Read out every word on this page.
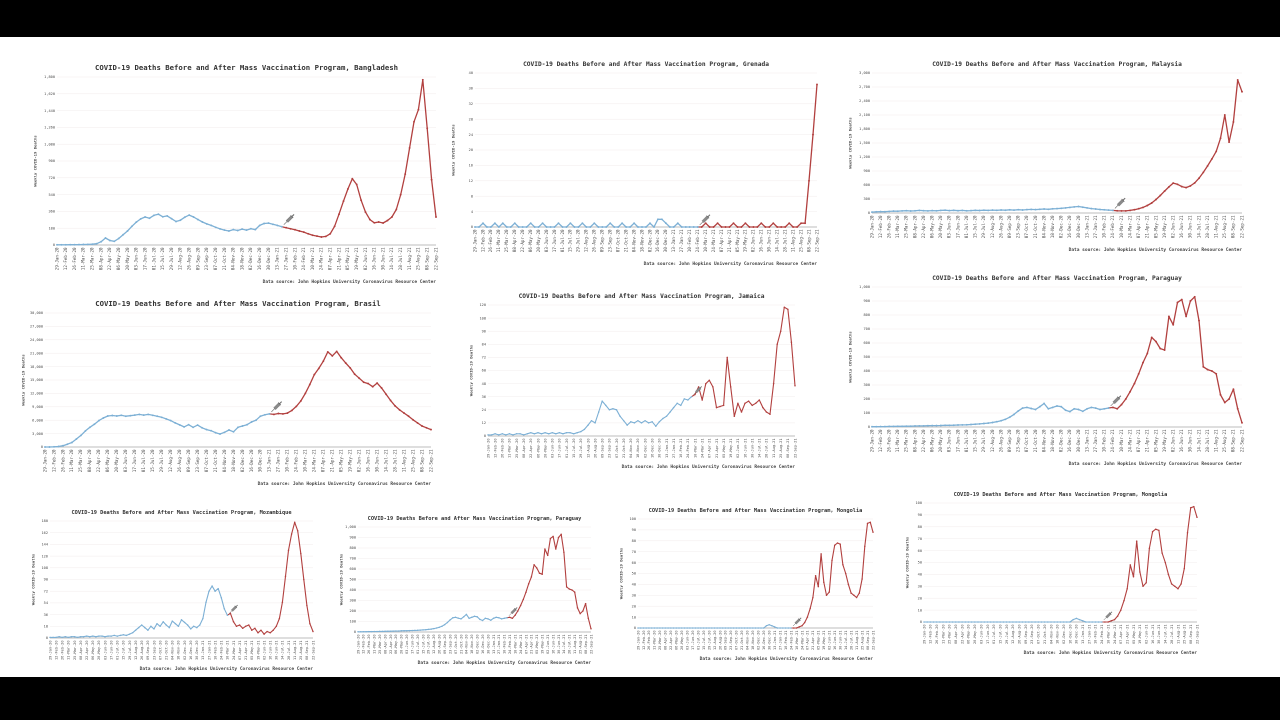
0
180
360
540
720
900
1,080
1,260
1,440
1,620
1,800
29-Jan-20 12-Feb-20 26-Feb-20 11-Mar-20 25-Mar-20 08-Apr-20 22-Apr-20 06-May-20 20-May-20 03-Jun-20 17-Jun-20 01-Jul-20 15-Jul-20 29-Jul-20 12-Aug-20 26-Aug-20 09-Sep-20 23-Sep-20 07-Oct-20 21-Oct-20 04-Nov-20 18-Nov-20 02-Dec-20 16-Dec-20 30-Dec-20 13-Jan-21 27-Jan-21 10-Feb-21 24-Feb-21 10-Mar-21 24-Mar-21 07-Apr-21 21-Apr-21 05-May-21 19-May-21 02-Jun-21 16-Jun-21 30-Jun-21 14-Jul-21 28-Jul-21 11-Aug-21 25-Aug-21 08-Sep-21 22-Sep-21
COVID-19 Deaths Before and After Mass Vaccination Program, Bangladesh
Weekly COVID-19 Deaths
Data source: John Hopkins University Coronavirus Resource Center
0
4
8
12
16
20
24
28
32
36
40
29-Jan-20 12-Feb-20 26-Feb-20 11-Mar-20 25-Mar-20 08-Apr-20 22-Apr-20 06-May-20 20-May-20 03-Jun-20 17-Jun-20 01-Jul-20 15-Jul-20 29-Jul-20 12-Aug-20 26-Aug-20 09-Sep-20 23-Sep-20 07-Oct-20 21-Oct-20 04-Nov-20 18-Nov-20 02-Dec-20 16-Dec-20 30-Dec-20 13-Jan-21 27-Jan-21 10-Feb-21 24-Feb-21 10-Mar-21 24-Mar-21 07-Apr-21 21-Apr-21 05-May-21 19-May-21 02-Jun-21 16-Jun-21 30-Jun-21 14-Jul-21 28-Jul-21 11-Aug-21 25-Aug-21 08-Sep-21 22-Sep-21
COVID-19 Deaths Before and After Mass Vaccination Program, Grenada
Weekly COVID-19 Deaths
Data source: John Hopkins University Coronavirus Resource Center
0
300
600
900
1,200
1,500
1,800
2,100
2,400
2,700
3,000
29-Jan-20 12-Feb-20 26-Feb-20 11-Mar-20 25-Mar-20 08-Apr-20 22-Apr-20 06-May-20 20-May-20 03-Jun-20 17-Jun-20 01-Jul-20 15-Jul-20 29-Jul-20 12-Aug-20 26-Aug-20 09-Sep-20 23-Sep-20 07-Oct-20 21-Oct-20 04-Nov-20 18-Nov-20 02-Dec-20 16-Dec-20 30-Dec-20 13-Jan-21 27-Jan-21 10-Feb-21 24-Feb-21 10-Mar-21 24-Mar-21 07-Apr-21 21-Apr-21 05-May-21 19-May-21 02-Jun-21 16-Jun-21 30-Jun-21 14-Jul-21 28-Jul-21 11-Aug-21 25-Aug-21 08-Sep-21 22-Sep-21
COVID-19 Deaths Before and After Mass Vaccination Program, Malaysia
Weekly COVID-19 Deaths
Data source: John Hopkins University Coronavirus Resource Center
0
3,000
6,000
9,000
12,000
15,000
18,000
21,000
24,000
27,000
30,000
29-Jan-20 12-Feb-20 26-Feb-20 11-Mar-20 25-Mar-20 08-Apr-20 22-Apr-20 06-May-20 20-May-20 03-Jun-20 17-Jun-20 01-Jul-20 15-Jul-20 29-Jul-20 12-Aug-20 26-Aug-20 09-Sep-20 23-Sep-20 07-Oct-20 21-Oct-20 04-Nov-20 18-Nov-20 02-Dec-20 16-Dec-20 30-Dec-20 13-Jan-21 27-Jan-21 10-Feb-21 24-Feb-21 10-Mar-21 24-Mar-21 07-Apr-21 21-Apr-21 05-May-21 19-May-21 02-Jun-21 16-Jun-21 30-Jun-21 14-Jul-21 28-Jul-21 11-Aug-21 25-Aug-21 08-Sep-21 22-Sep-21
COVID-19 Deaths Before and After Mass Vaccination Program, Brasil
Weekly COVID-19 Deaths
Data source: John Hopkins University Coronavirus Resource Center
0
12
24
36
48
60
72
84
96
108
120
29-Jan-20 12-Feb-20 26-Feb-20 11-Mar-20 25-Mar-20 08-Apr-20 22-Apr-20 06-May-20 20-May-20 03-Jun-20 17-Jun-20 01-Jul-20 15-Jul-20 29-Jul-20 12-Aug-20 26-Aug-20 09-Sep-20 23-Sep-20 07-Oct-20 21-Oct-20 04-Nov-20 18-Nov-20 02-Dec-20 16-Dec-20 30-Dec-20 13-Jan-21 27-Jan-21 10-Feb-21 24-Feb-21 10-Mar-21 24-Mar-21 07-Apr-21 21-Apr-21 05-May-21 19-May-21 02-Jun-21 16-Jun-21 30-Jun-21 14-Jul-21 28-Jul-21 11-Aug-21 25-Aug-21 08-Sep-21 22-Sep-21
COVID-19 Deaths Before and After Mass Vaccination Program, Jamaica
Weekly COVID-19 Deaths
Data source: John Hopkins University Coronavirus Resource Center
0
100
200
300
400
500
600
700
800
900
1,000
29-Jan-20 12-Feb-20 26-Feb-20 11-Mar-20 25-Mar-20 08-Apr-20 22-Apr-20 06-May-20 20-May-20 03-Jun-20 17-Jun-20 01-Jul-20 15-Jul-20 29-Jul-20 12-Aug-20 26-Aug-20 09-Sep-20 23-Sep-20 07-Oct-20 21-Oct-20 04-Nov-20 18-Nov-20 02-Dec-20 16-Dec-20 30-Dec-20 13-Jan-21 27-Jan-21 10-Feb-21 24-Feb-21 10-Mar-21 24-Mar-21 07-Apr-21 21-Apr-21 05-May-21 19-May-21 02-Jun-21 16-Jun-21 30-Jun-21 14-Jul-21 28-Jul-21 11-Aug-21 25-Aug-21 08-Sep-21 22-Sep-21
COVID-19 Deaths Before and After Mass Vaccination Program, Paraguay
Weekly COVID-19 Deaths
Data source: John Hopkins University Coronavirus Resource Center
0
18
36
54
72
90
108
126
144
162
180
29-Jan-20 12-Feb-20 26-Feb-20 11-Mar-20 25-Mar-20 08-Apr-20 22-Apr-20 06-May-20 20-May-20 03-Jun-20 17-Jun-20 01-Jul-20 15-Jul-20 29-Jul-20 12-Aug-20 26-Aug-20 09-Sep-20 23-Sep-20 07-Oct-20 21-Oct-20 04-Nov-20 18-Nov-20 02-Dec-20 16-Dec-20 30-Dec-20 13-Jan-21 27-Jan-21 10-Feb-21 24-Feb-21 10-Mar-21 24-Mar-21 07-Apr-21 21-Apr-21 05-May-21 19-May-21 02-Jun-21 16-Jun-21 30-Jun-21 14-Jul-21 28-Jul-21 11-Aug-21 25-Aug-21 08-Sep-21 22-Sep-21
COVID-19 Deaths Before and After Mass Vaccination Program, Mozambique
Weekly COVID-19 Deaths
Data source: John Hopkins University Coronavirus Resource Center
0
100
200
300
400
500
600
700
800
900
1,000
29-Jan-20 12-Feb-20 26-Feb-20 11-Mar-20 25-Mar-20 08-Apr-20 22-Apr-20 06-May-20 20-May-20 03-Jun-20 17-Jun-20 01-Jul-20 15-Jul-20 29-Jul-20 12-Aug-20 26-Aug-20 09-Sep-20 23-Sep-20 07-Oct-20 21-Oct-20 04-Nov-20 18-Nov-20 02-Dec-20 16-Dec-20 30-Dec-20 13-Jan-21 27-Jan-21 10-Feb-21 24-Feb-21 10-Mar-21 24-Mar-21 07-Apr-21 21-Apr-21 05-May-21 19-May-21 02-Jun-21 16-Jun-21 30-Jun-21 14-Jul-21 28-Jul-21 11-Aug-21 25-Aug-21 08-Sep-21 22-Sep-21
COVID-19 Deaths Before and After Mass Vaccination Program, Paraguay
Weekly COVID-19 Deaths
Data source: John Hopkins University Coronavirus Resource Center
0
10
20
30
40
50
60
70
80
90
100
29-Jan-20 12-Feb-20 26-Feb-20 11-Mar-20 25-Mar-20 08-Apr-20 22-Apr-20 06-May-20 20-May-20 03-Jun-20 17-Jun-20 01-Jul-20 15-Jul-20 29-Jul-20 12-Aug-20 26-Aug-20 09-Sep-20 23-Sep-20 07-Oct-20 21-Oct-20 04-Nov-20 18-Nov-20 02-Dec-20 16-Dec-20 30-Dec-20 13-Jan-21 27-Jan-21 10-Feb-21 24-Feb-21 10-Mar-21 24-Mar-21 07-Apr-21 21-Apr-21 05-May-21 19-May-21 02-Jun-21 16-Jun-21 30-Jun-21 14-Jul-21 28-Jul-21 11-Aug-21 25-Aug-21 08-Sep-21 22-Sep-21
COVID-19 Deaths Before and After Mass Vaccination Program, Mongolia
Weekly COVID-19 Deaths
Data source: John Hopkins University Coronavirus Resource Center
0
10
20
30
40
50
60
70
80
90
100
29-Jan-20 12-Feb-20 26-Feb-20 11-Mar-20 25-Mar-20 08-Apr-20 22-Apr-20 06-May-20 20-May-20 03-Jun-20 17-Jun-20 01-Jul-20 15-Jul-20 29-Jul-20 12-Aug-20 26-Aug-20 09-Sep-20 23-Sep-20 07-Oct-20 21-Oct-20 04-Nov-20 18-Nov-20 02-Dec-20 16-Dec-20 30-Dec-20 13-Jan-21 27-Jan-21 10-Feb-21 24-Feb-21 10-Mar-21 24-Mar-21 07-Apr-21 21-Apr-21 05-May-21 19-May-21 02-Jun-21 16-Jun-21 30-Jun-21 14-Jul-21 28-Jul-21 11-Aug-21 25-Aug-21 08-Sep-21 22-Sep-21
COVID-19 Deaths Before and After Mass Vaccination Program, Mongolia
Weekly COVID-19 Deaths
Data source: John Hopkins University Coronavirus Resource Center
